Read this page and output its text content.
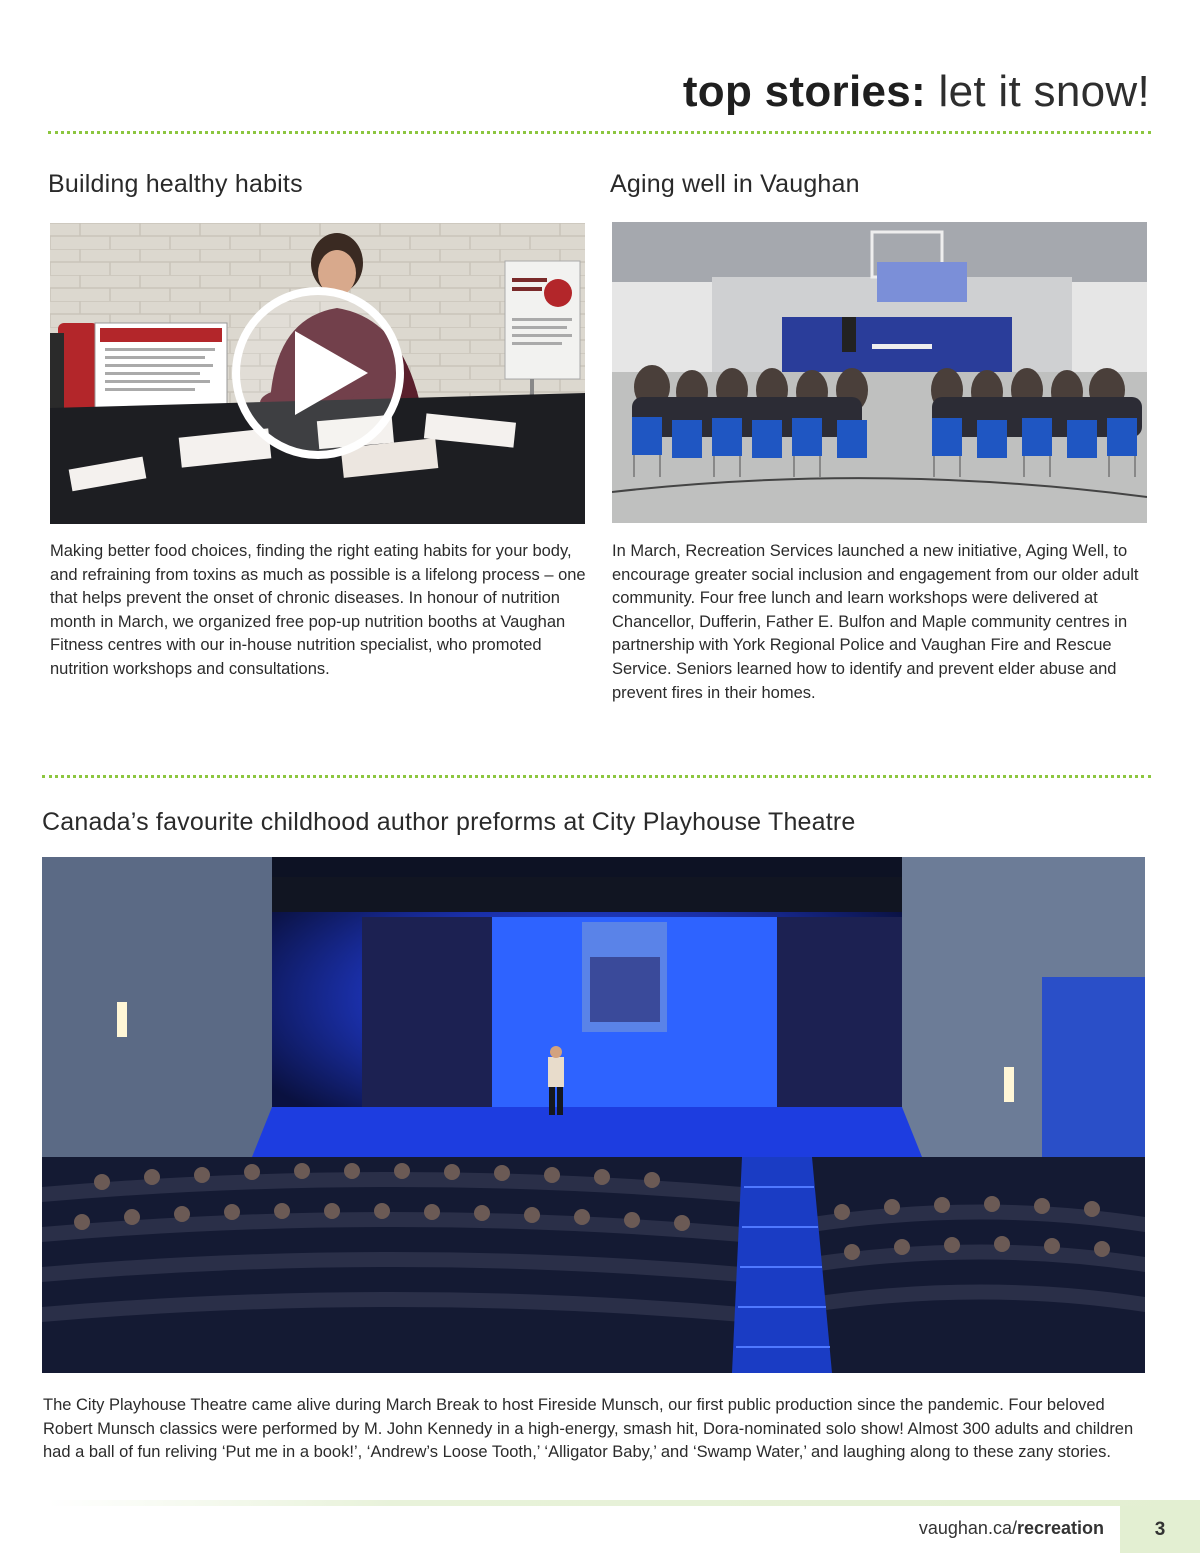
top stories: let it snow!
Building healthy habits
Making better food choices, finding the right eating habits for your body, and refraining from toxins as much as possible is a lifelong process – one that helps prevent the onset of chronic diseases. In honour of nutrition month in March, we organized free pop-up nutrition booths at Vaughan Fitness centres with our in-house nutrition specialist, who promoted nutrition workshops and consultations.
Aging well in Vaughan
In March, Recreation Services launched a new initiative, Aging Well, to encourage greater social inclusion and engagement from our older adult community. Four free lunch and learn workshops were delivered at Chancellor, Dufferin, Father E. Bulfon and Maple community centres in partnership with York Regional Police and Vaughan Fire and Rescue Service. Seniors learned how to identify and prevent elder abuse and prevent fires in their homes.
Canada’s favourite childhood author preforms at City Playhouse Theatre
The City Playhouse Theatre came alive during March Break to host Fireside Munsch, our first public production since the pandemic. Four beloved Robert Munsch classics were performed by M. John Kennedy in a high-energy, smash hit, Dora-nominated solo show! Almost 300 adults and children had a ball of fun reliving ‘Put me in a book!’, ‘Andrew’s Loose Tooth,’ ‘Alligator Baby,’ and ‘Swamp Water,’ and laughing along to these zany stories.
vaughan.ca/recreation	3
